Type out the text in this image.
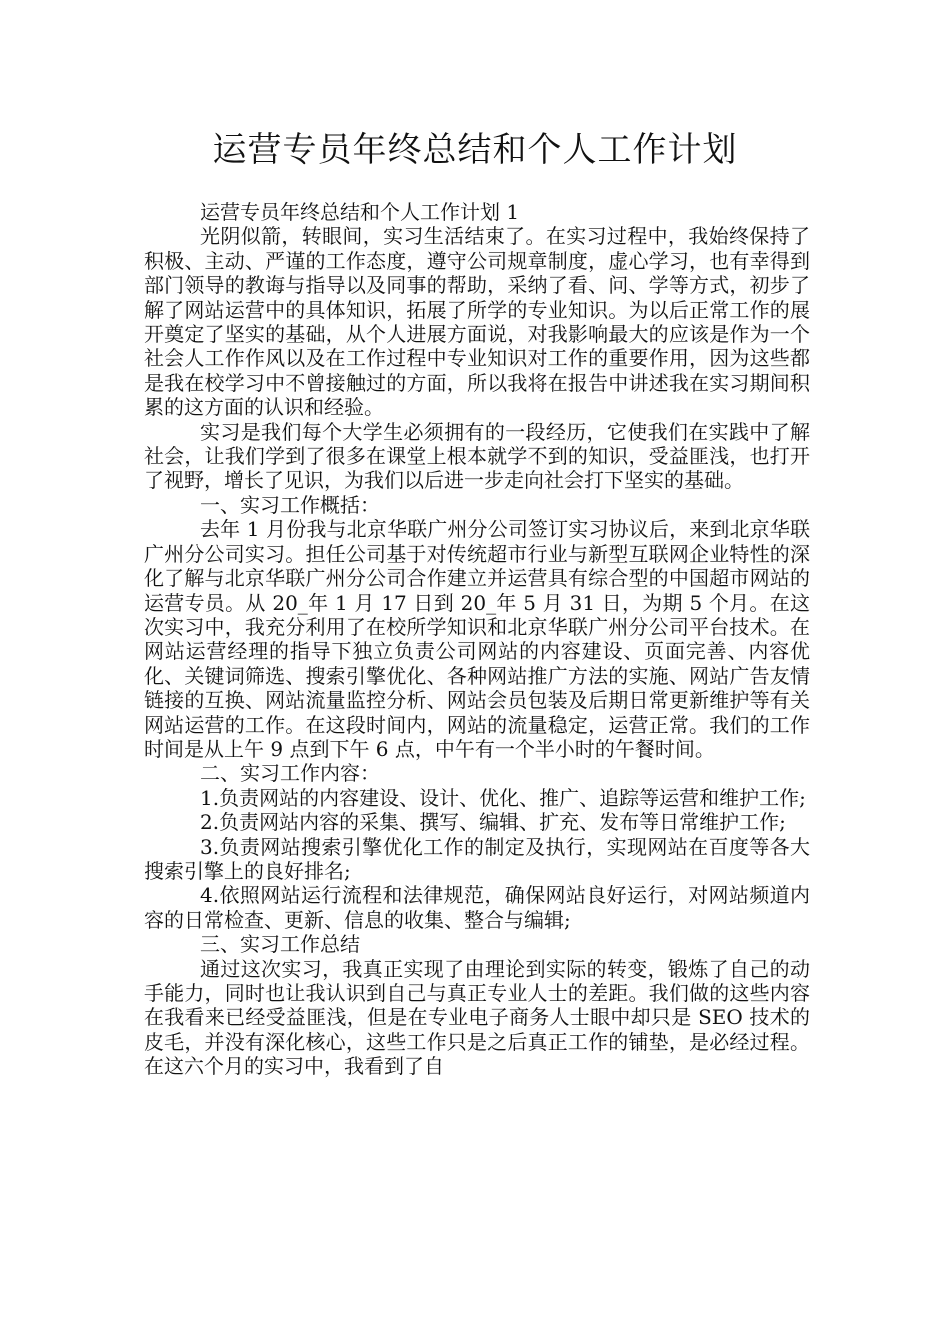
运营专员年终总结和个人工作计划

运营专员年终总结和个人工作计划 1

光阴似箭，转眼间，实习生活结束了。在实习过程中，我始终保持了积极、主动、严谨的工作态度，遵守公司规章制度，虚心学习，也有幸得到部门领导的教诲与指导以及同事的帮助，采纳了看、问、学等方式，初步了解了网站运营中的具体知识，拓展了所学的专业知识。为以后正常工作的展开奠定了坚实的基础，从个人进展方面说，对我影响最大的应该是作为一个社会人工作作风以及在工作过程中专业知识对工作的重要作用，因为这些都是我在校学习中不曾接触过的方面，所以我将在报告中讲述我在实习期间积累的这方面的认识和经验。

实习是我们每个大学生必须拥有的一段经历，它使我们在实践中了解社会，让我们学到了很多在课堂上根本就学不到的知识，受益匪浅，也打开了视野，增长了见识，为我们以后进一步走向社会打下坚实的基础。

一、实习工作概括：

去年 1 月份我与北京华联广州分公司签订实习协议后，来到北京华联广州分公司实习。担任公司基于对传统超市行业与新型互联网企业特性的深化了解与北京华联广州分公司合作建立并运营具有综合型的中国超市网站的运营专员。从 20_年 1 月 17 日到 20_年 5 月 31 日，为期 5 个月。在这次实习中，我充分利用了在校所学知识和北京华联广州分公司平台技术。在网站运营经理的指导下独立负责公司网站的内容建设、页面完善、内容优化、关键词筛选、搜索引擎优化、各种网站推广方法的实施、网站广告友情链接的互换、网站流量监控分析、网站会员包装及后期日常更新维护等有关网站运营的工作。在这段时间内，网站的流量稳定，运营正常。我们的工作时间是从上午 9 点到下午 6 点，中午有一个半小时的午餐时间。

二、实习工作内容：

1.负责网站的内容建设、设计、优化、推广、追踪等运营和维护工作;

2.负责网站内容的采集、撰写、编辑、扩充、发布等日常维护工作;

3.负责网站搜索引擎优化工作的制定及执行，实现网站在百度等各大搜索引擎上的良好排名;

4.依照网站运行流程和法律规范，确保网站良好运行，对网站频道内容的日常检查、更新、信息的收集、整合与编辑;

三、实习工作总结

通过这次实习，我真正实现了由理论到实际的转变，锻炼了自己的动手能力，同时也让我认识到自己与真正专业人士的差距。我们做的这些内容在我看来已经受益匪浅，但是在专业电子商务人士眼中却只是 SEO 技术的皮毛，并没有深化核心，这些工作只是之后真正工作的铺垫，是必经过程。在这六个月的实习中，我看到了自
